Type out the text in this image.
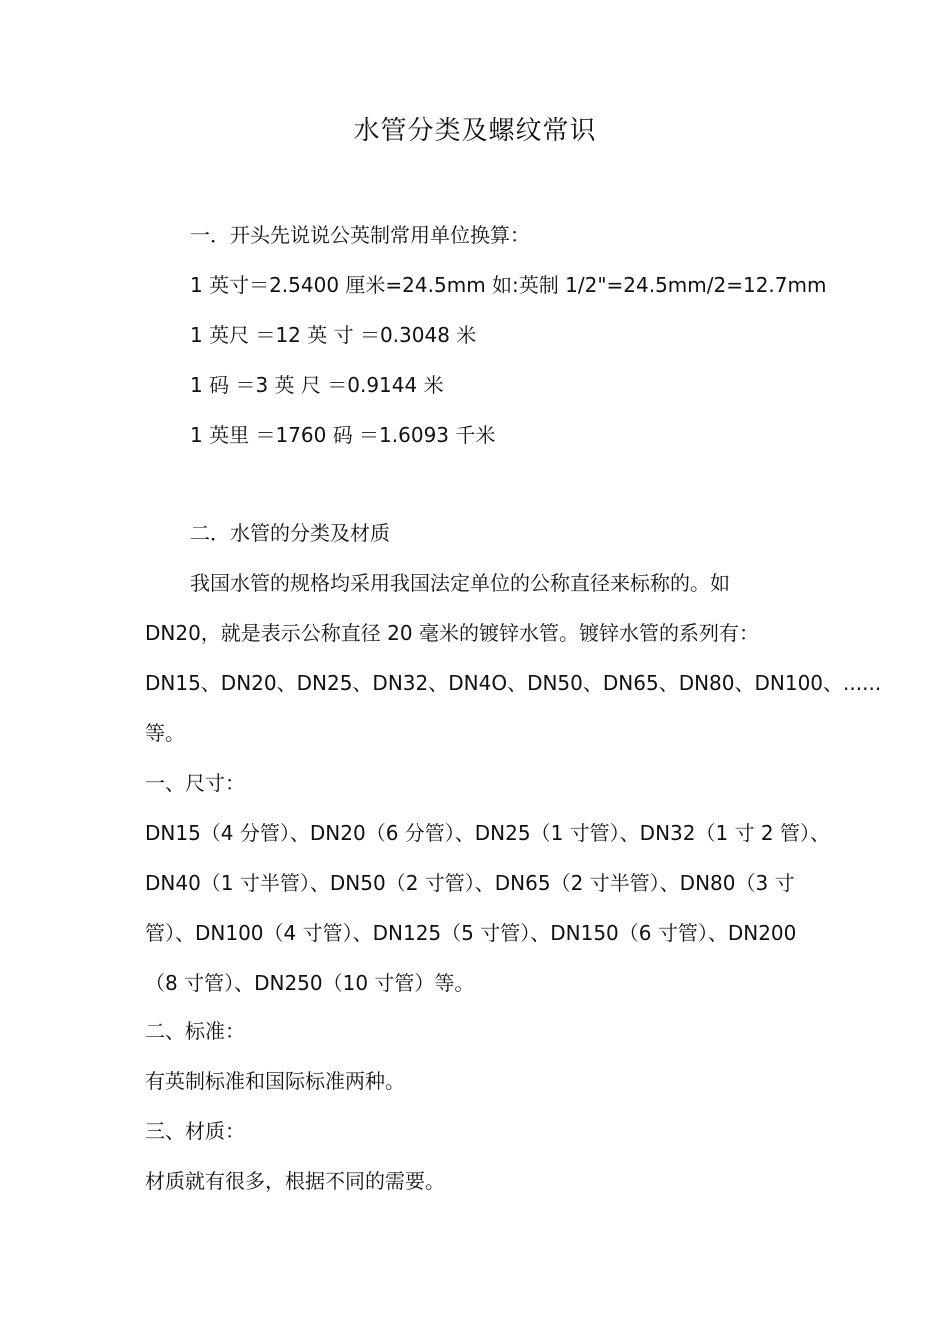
水管分类及螺纹常识
一．开头先说说公英制常用单位换算：
1 英寸＝2.5400 厘米=24.5mm 如:英制 1/2"=24.5mm/2=12.7mm
1 英尺 ＝12 英 寸 ＝0.3048 米
1 码 ＝3 英 尺 ＝0.9144 米
1 英里 ＝1760 码 ＝1.6093 千米
二．水管的分类及材质
我国水管的规格均采用我国法定单位的公称直径来标称的。如
DN20，就是表示公称直径 20 毫米的镀锌水管。镀锌水管的系列有：
DN15、DN20、DN25、DN32、DN4O、DN50、DN65、DN80、DN100、......
等。
一、尺寸：
DN15（4 分管）、DN20（6 分管）、DN25（1 寸管）、DN32（1 寸 2 管）、
DN40（1 寸半管）、DN50（2 寸管）、DN65（2 寸半管）、DN80（3 寸
管）、DN100（4 寸管）、DN125（5 寸管）、DN150（6 寸管）、DN200
（8 寸管）、DN250（10 寸管）等。
二、标准：
有英制标准和国际标准两种。
三、材质：
材质就有很多，根据不同的需要。
